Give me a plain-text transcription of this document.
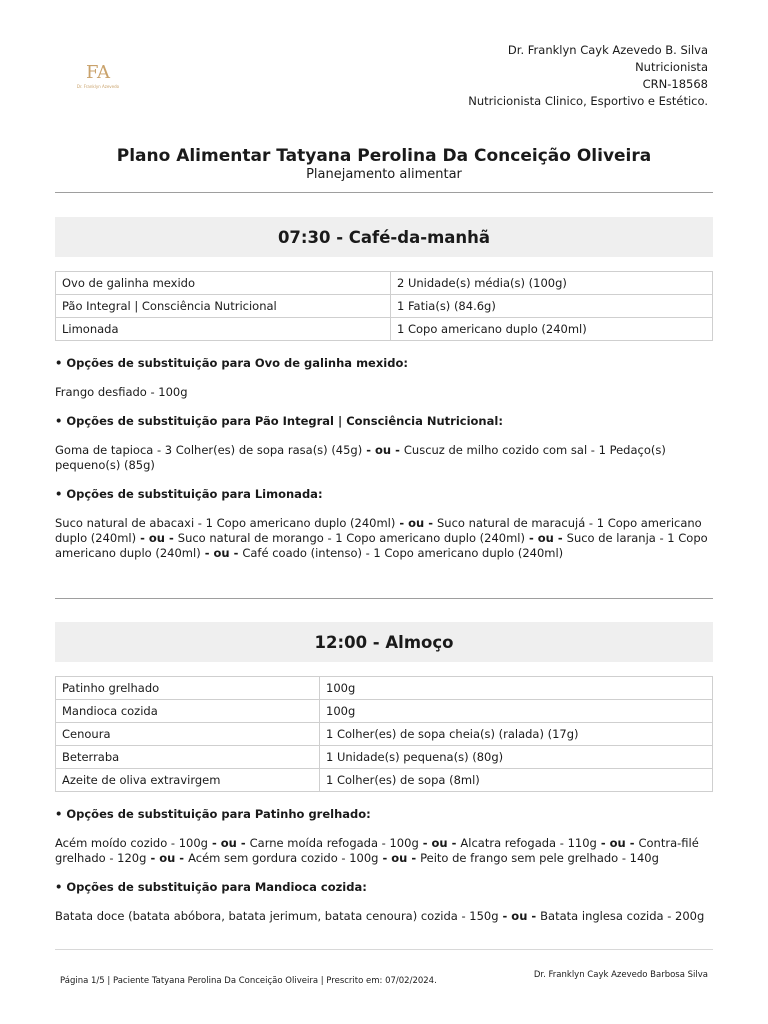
FA
Dr. Franklyn Azevedo
Dr. Franklyn Cayk Azevedo B. Silva
Nutricionista
CRN-18568
Nutricionista Clinico, Esportivo e Estético.
Plano Alimentar Tatyana Perolina Da Conceição Oliveira
Planejamento alimentar
07:30 - Café-da-manhã
Ovo de galinha mexido	2 Unidade(s) média(s) (100g)
Pão Integral | Consciência Nutricional	1 Fatia(s) (84.6g)
Limonada	1 Copo americano duplo (240ml)

• Opções de substituição para Ovo de galinha mexido:

Frango desfiado - 100g

• Opções de substituição para Pão Integral | Consciência Nutricional:

Goma de tapioca - 3 Colher(es) de sopa rasa(s) (45g) - ou - Cuscuz de milho cozido com sal - 1 Pedaço(s) pequeno(s) (85g)

• Opções de substituição para Limonada:

Suco natural de abacaxi - 1 Copo americano duplo (240ml) - ou - Suco natural de maracujá - 1 Copo americano duplo (240ml) - ou - Suco natural de morango - 1 Copo americano duplo (240ml) - ou - Suco de laranja - 1 Copo americano duplo (240ml) - ou - Café coado (intenso) - 1 Copo americano duplo (240ml)

12:00 - Almoço
Patinho grelhado	100g
Mandioca cozida	100g
Cenoura	1 Colher(es) de sopa cheia(s) (ralada) (17g)
Beterraba	1 Unidade(s) pequena(s) (80g)
Azeite de oliva extravirgem	1 Colher(es) de sopa (8ml)

• Opções de substituição para Patinho grelhado:

Acém moído cozido - 100g - ou - Carne moída refogada - 100g - ou - Alcatra refogada - 110g - ou - Contra-filé grelhado - 120g - ou - Acém sem gordura cozido - 100g - ou - Peito de frango sem pele grelhado - 140g

• Opções de substituição para Mandioca cozida:

Batata doce (batata abóbora, batata jerimum, batata cenoura) cozida - 150g - ou - Batata inglesa cozida - 200g

Página 1/5 | Paciente Tatyana Perolina Da Conceição Oliveira | Prescrito em: 07/02/2024.
Dr. Franklyn Cayk Azevedo Barbosa Silva
